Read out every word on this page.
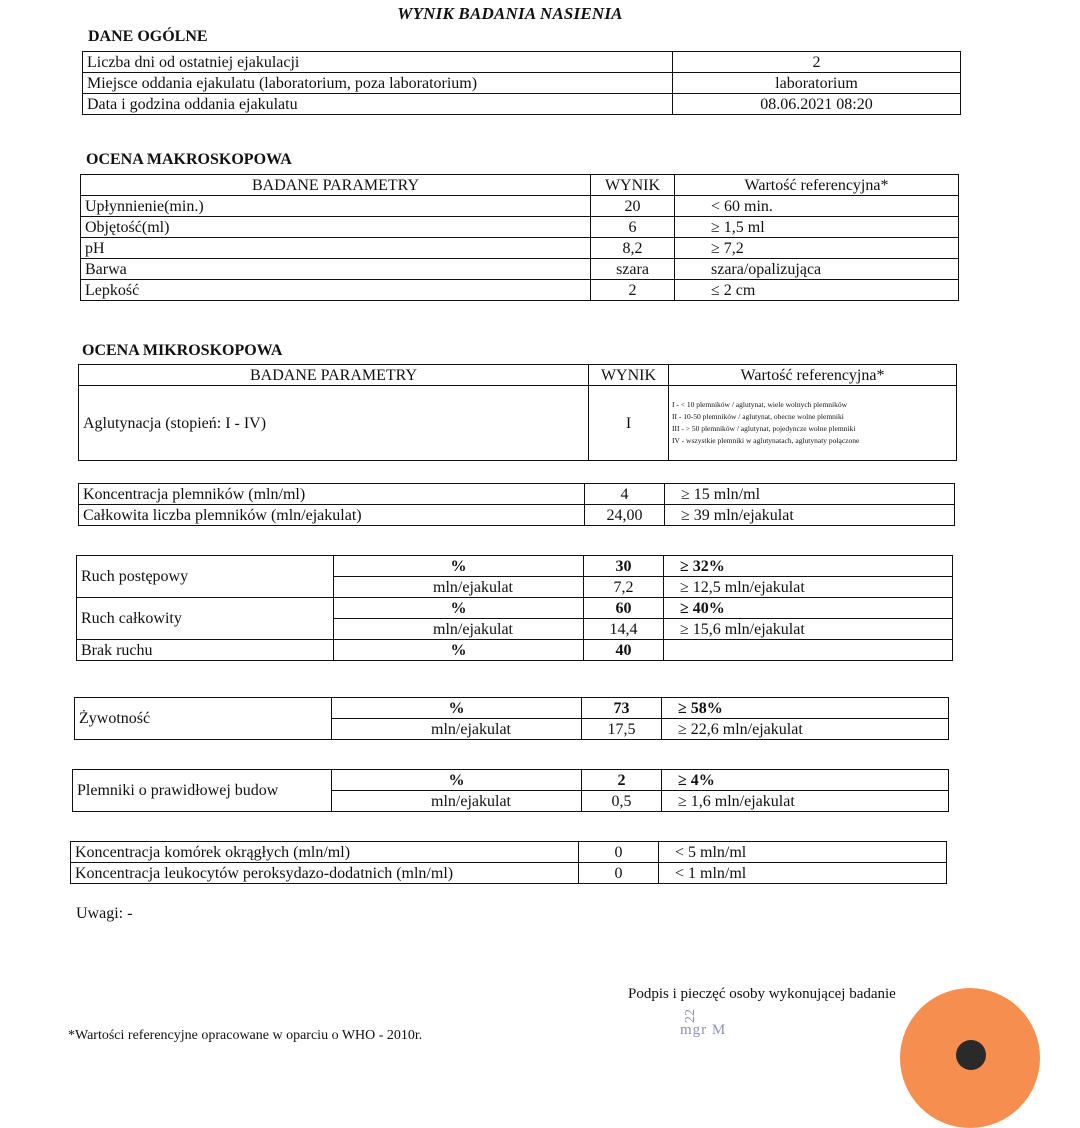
WYNIK BADANIA NASIENIA
DANE OGÓLNE
Liczba dni od ostatniej ejakulacji	2
Miejsce oddania ejakulatu (laboratorium, poza laboratorium)	laboratorium
Data i godzina oddania ejakulatu	08.06.2021 08:20
OCENA MAKROSKOPOWA
BADANE PARAMETRY	WYNIK	Wartość referencyjna*
Upłynnienie(min.)	20	< 60 min.
Objętość(ml)	6	≥ 1,5 ml
pH	8,2	≥ 7,2
Barwa	szara	szara/opalizująca
Lepkość	2	≤ 2 cm
OCENA MIKROSKOPOWA
BADANE PARAMETRY	WYNIK	Wartość referencyjna*
Aglutynacja (stopień: I - IV)	I	I - < 10 plemników / aglutynat, wiele wolnych plemników
II - 10-50 plemników / aglutynat, obecne wolne plemniki
III - > 50 plemników / aglutynat, pojedyncze wolne plemniki
IV - wszystkie plemniki w aglutynatach, aglutynaty połączone
Koncentracja plemników (mln/ml)	4	≥ 15 mln/ml
Całkowita liczba plemników (mln/ejakulat)	24,00	≥ 39 mln/ejakulat
Ruch postępowy	%	30	≥ 32%
	mln/ejakulat	7,2	≥ 12,5 mln/ejakulat
Ruch całkowity	%	60	≥ 40%
	mln/ejakulat	14,4	≥ 15,6 mln/ejakulat
Brak ruchu	%	40	
Żywotność	%	73	≥ 58%
	mln/ejakulat	17,5	≥ 22,6 mln/ejakulat
Plemniki o prawidłowej budow	%	2	≥ 4%
	mln/ejakulat	0,5	≥ 1,6 mln/ejakulat
Koncentracja komórek okrągłych (mln/ml)	0	< 5 mln/ml
Koncentracja leukocytów peroksydazo-dodatnich (mln/ml)	0	< 1 mln/ml
Uwagi: -
Podpis i pieczęć osoby wykonującej badanie
*Wartości referencyjne opracowane w oparciu o WHO - 2010r.
22
mgr M
